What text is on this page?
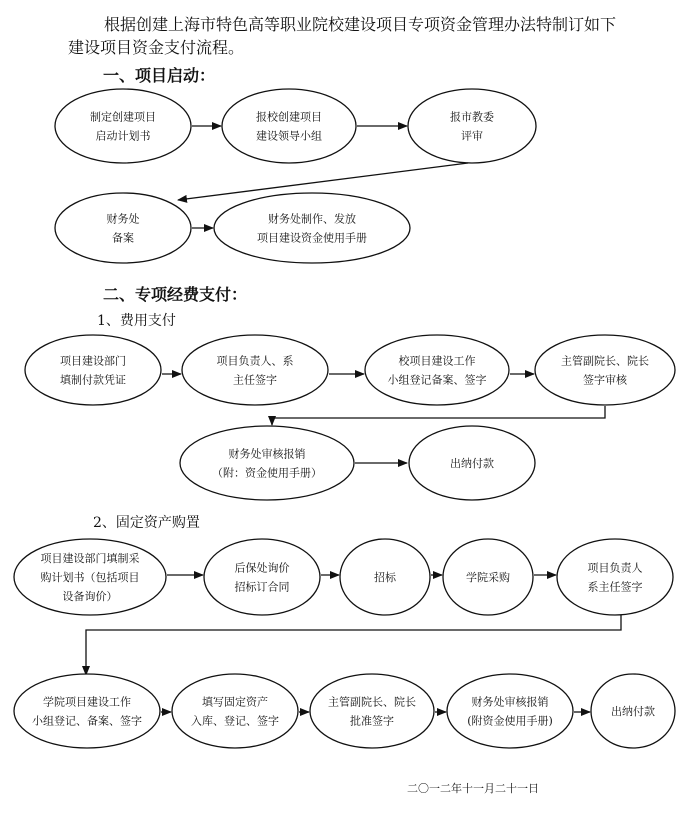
根据创建上海市特色高等职业院校建设项目专项资金管理办法特制订如下
建设项目资金支付流程。
一、项目启动：
二、专项经费支付：
1、费用支付
2、固定资产购置
二〇一二年十一月二十一日
制定创建项目
启动计划书
报校创建项目
建设领导小组
报市教委
评审
财务处
备案
财务处制作、发放
项目建设资金使用手册
项目建设部门
填制付款凭证
项目负责人、系
主任签字
校项目建设工作
小组登记备案、签字
主管副院长、院长
签字审核
财务处审核报销
（附：资金使用手册）
出纳付款
项目建设部门填制采
购计划书（包括项目
设备询价）
后保处询价
招标订合同
招标	学院采购
项目负责人
系主任签字
学院项目建设工作
小组登记、备案、签字
填写固定资产
入库、登记、签字
主管副院长、院长
批准签字
财务处审核报销
(附资金使用手册)
出纳付款
